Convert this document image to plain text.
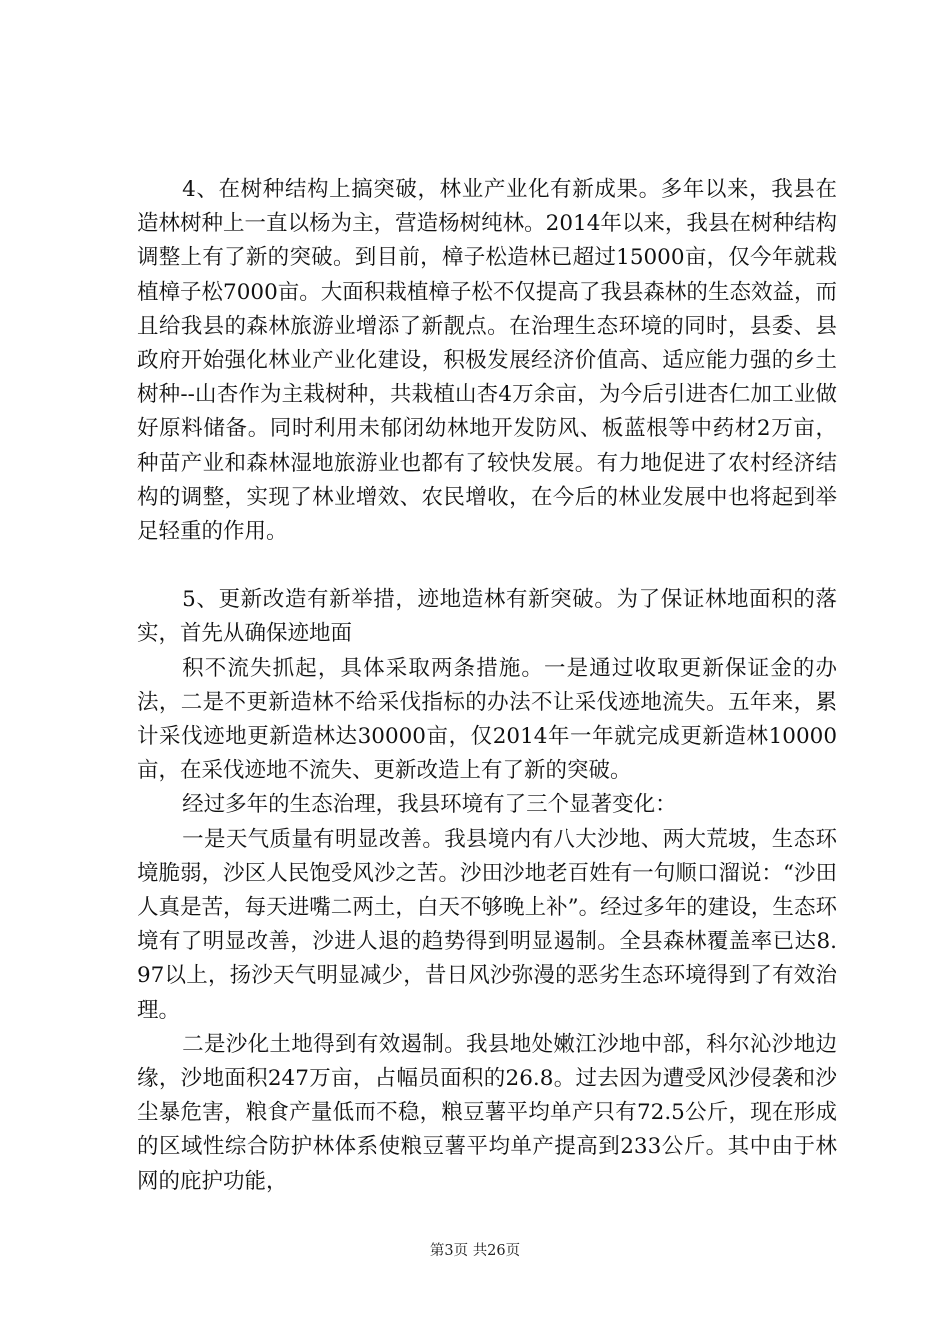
4、在树种结构上搞突破，林业产业化有新成果。多年以来，我县在造林树种上一直以杨为主，营造杨树纯林。2014年以来，我县在树种结构调整上有了新的突破。到目前，樟子松造林已超过15000亩，仅今年就栽植樟子松7000亩。大面积栽植樟子松不仅提高了我县森林的生态效益，而且给我县的森林旅游业增添了新靓点。在治理生态环境的同时，县委、县政府开始强化林业产业化建设，积极发展经济价值高、适应能力强的乡土树种--山杏作为主栽树种，共栽植山杏4万余亩，为今后引进杏仁加工业做好原料储备。同时利用未郁闭幼林地开发防风、板蓝根等中药材2万亩，种苗产业和森林湿地旅游业也都有了较快发展。有力地促进了农村经济结构的调整，实现了林业增效、农民增收，在今后的林业发展中也将起到举足轻重的作用。

5、更新改造有新举措，迹地造林有新突破。为了保证林地面积的落实，首先从确保迹地面

积不流失抓起，具体采取两条措施。一是通过收取更新保证金的办法，二是不更新造林不给采伐指标的办法不让采伐迹地流失。五年来，累计采伐迹地更新造林达30000亩，仅2014年一年就完成更新造林10000亩，在采伐迹地不流失、更新改造上有了新的突破。

经过多年的生态治理，我县环境有了三个显著变化：

一是天气质量有明显改善。我县境内有八大沙地、两大荒坡，生态环境脆弱，沙区人民饱受风沙之苦。沙田沙地老百姓有一句顺口溜说：“沙田人真是苦，每天进嘴二两土，白天不够晚上补”。经过多年的建设，生态环境有了明显改善，沙进人退的趋势得到明显遏制。全县森林覆盖率已达8.97以上，扬沙天气明显减少，昔日风沙弥漫的恶劣生态环境得到了有效治理。

二是沙化土地得到有效遏制。我县地处嫩江沙地中部，科尔沁沙地边缘，沙地面积247万亩，占幅员面积的26.8。过去因为遭受风沙侵袭和沙尘暴危害，粮食产量低而不稳，粮豆薯平均单产只有72.5公斤，现在形成的区域性综合防护林体系使粮豆薯平均单产提高到233公斤。其中由于林网的庇护功能，

第3页 共26页
